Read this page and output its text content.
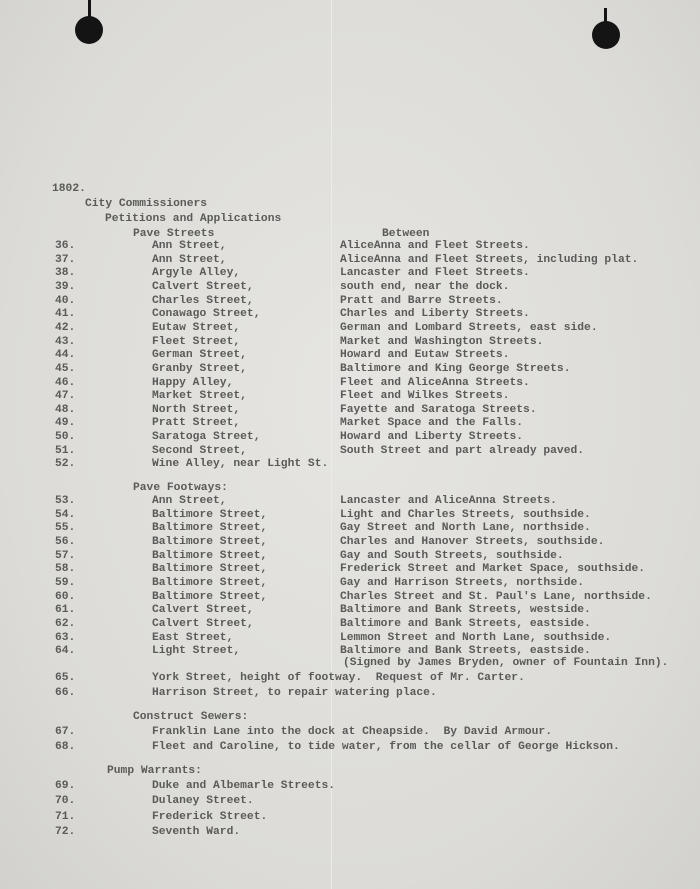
1802.
City Commissioners
Petitions and Applications
Pave Streets	Between
Pave Footways:
(Signed by James Bryden, owner of Fountain Inn).
Construct Sewers:
Pump Warrants:
36.	Ann Street,	AliceAnna and Fleet Streets.
37.	Ann Street,	AliceAnna and Fleet Streets, including plat.
38.	Argyle Alley,	Lancaster and Fleet Streets.
39.	Calvert Street,	south end, near the dock.
40.	Charles Street,	Pratt and Barre Streets.
41.	Conawago Street,	Charles and Liberty Streets.
42.	Eutaw Street,	German and Lombard Streets, east side.
43.	Fleet Street,	Market and Washington Streets.
44.	German Street,	Howard and Eutaw Streets.
45.	Granby Street,	Baltimore and King George Streets.
46.	Happy Alley,	Fleet and AliceAnna Streets.
47.	Market Street,	Fleet and Wilkes Streets.
48.	North Street,	Fayette and Saratoga Streets.
49.	Pratt Street,	Market Space and the Falls.
50.	Saratoga Street,	Howard and Liberty Streets.
51.	Second Street,	South Street and part already paved.
52.	Wine Alley, near Light St.
53.	Ann Street,	Lancaster and AliceAnna Streets.
54.	Baltimore Street,	Light and Charles Streets, southside.
55.	Baltimore Street,	Gay Street and North Lane, northside.
56.	Baltimore Street,	Charles and Hanover Streets, southside.
57.	Baltimore Street,	Gay and South Streets, southside.
58.	Baltimore Street,	Frederick Street and Market Space, southside.
59.	Baltimore Street,	Gay and Harrison Streets, northside.
60.	Baltimore Street,	Charles Street and St. Paul's Lane, northside.
61.	Calvert Street,	Baltimore and Bank Streets, westside.
62.	Calvert Street,	Baltimore and Bank Streets, eastside.
63.	East Street,	Lemmon Street and North Lane, southside.
64.	Light Street,	Baltimore and Bank Streets, eastside.
65.	York Street, height of footway.  Request of Mr. Carter.
66.	Harrison Street, to repair watering place.
67.	Franklin Lane into the dock at Cheapside.  By David Armour.
68.	Fleet and Caroline, to tide water, from the cellar of George Hickson.
69.	Duke and Albemarle Streets.
70.	Dulaney Street.
71.	Frederick Street.
72.	Seventh Ward.
